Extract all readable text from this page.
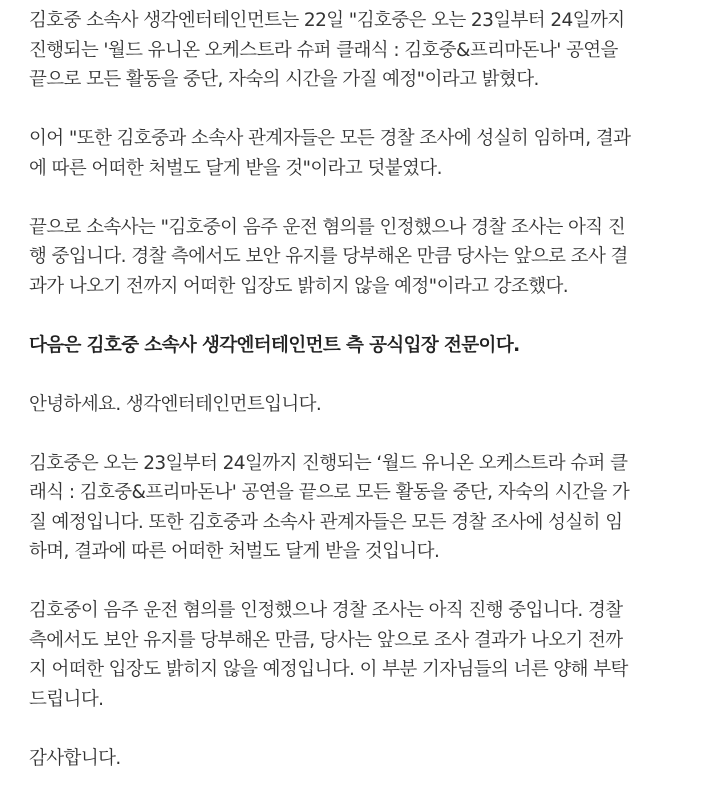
김호중 소속사 생각엔터테인먼트는 22일 "김호중은 오는 23일부터 24일까지
진행되는 '월드 유니온 오케스트라 슈퍼 클래식 : 김호중&프리마돈나' 공연을
끝으로 모든 활동을 중단, 자숙의 시간을 가질 예정"이라고 밝혔다.

이어 "또한 김호중과 소속사 관계자들은 모든 경찰 조사에 성실히 임하며, 결과
에 따른 어떠한 처벌도 달게 받을 것"이라고 덧붙였다.

끝으로 소속사는 "김호중이 음주 운전 혐의를 인정했으나 경찰 조사는 아직 진
행 중입니다. 경찰 측에서도 보안 유지를 당부해온 만큼 당사는 앞으로 조사 결
과가 나오기 전까지 어떠한 입장도 밝히지 않을 예정"이라고 강조했다.

다음은 김호중 소속사 생각엔터테인먼트 측 공식입장 전문이다.

안녕하세요. 생각엔터테인먼트입니다.

김호중은 오는 23일부터 24일까지 진행되는 ‘월드 유니온 오케스트라 슈퍼 클
래식 : 김호중&프리마돈나' 공연을 끝으로 모든 활동을 중단, 자숙의 시간을 가
질 예정입니다. 또한 김호중과 소속사 관계자들은 모든 경찰 조사에 성실히 임
하며, 결과에 따른 어떠한 처벌도 달게 받을 것입니다.

김호중이 음주 운전 혐의를 인정했으나 경찰 조사는 아직 진행 중입니다. 경찰
측에서도 보안 유지를 당부해온 만큼, 당사는 앞으로 조사 결과가 나오기 전까
지 어떠한 입장도 밝히지 않을 예정입니다. 이 부분 기자님들의 너른 양해 부탁
드립니다.

감사합니다.
